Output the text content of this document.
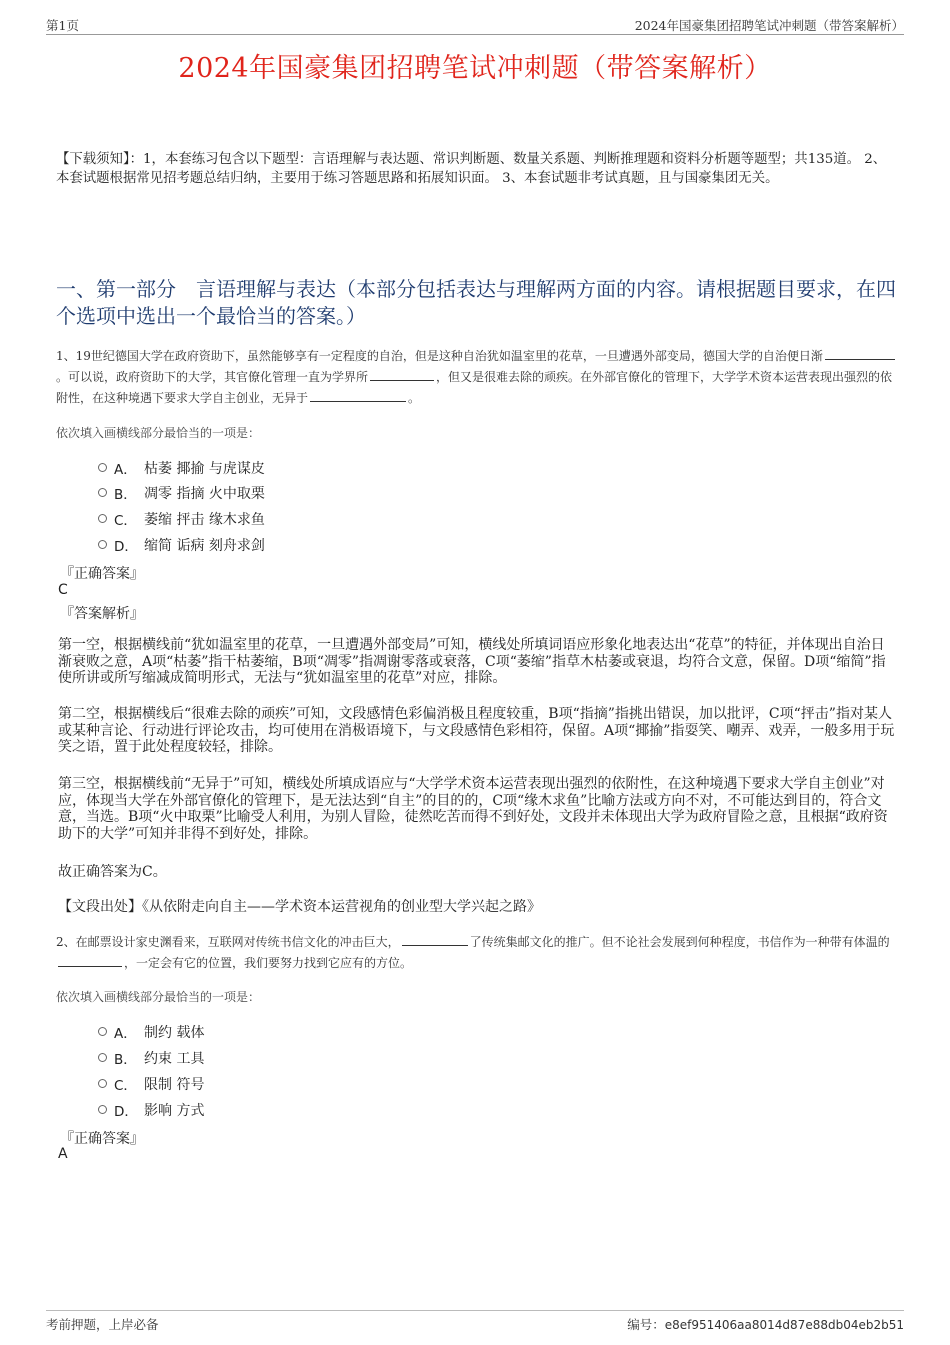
第1页	2024年国豪集团招聘笔试冲刺题（带答案解析）
2024年国豪集团招聘笔试冲刺题（带答案解析）
【下载须知】：1，本套练习包含以下题型：言语理解与表达题、常识判断题、数量关系题、判断推理题和资料分析题等题型；共135道。 2、本套试题根据常见招考题总结归纳，主要用于练习答题思路和拓展知识面。 3、本套试题非考试真题，且与国豪集团无关。
一、第一部分　言语理解与表达（本部分包括表达与理解两方面的内容。请根据题目要求，在四个选项中选出一个最恰当的答案。）
1、19世纪德国大学在政府资助下，虽然能够享有一定程度的自治，但是这种自治犹如温室里的花草，一旦遭遇外部变局，德国大学的自治便日渐。可以说，政府资助下的大学，其官僚化管理一直为学界所	，但又是很难去除的顽疾。在外部官僚化的管理下，大学学术资本运营表现出强烈的依附性，在这种境遇下要求大学自主创业，无异于	。
依次填入画横线部分最恰当的一项是：
A． 枯萎 揶揄 与虎谋皮
B． 凋零 指摘 火中取栗
C． 萎缩 抨击 缘木求鱼
D． 缩简 诟病 刻舟求剑
『正确答案』
C
『答案解析』
第一空，根据横线前“犹如温室里的花草，一旦遭遇外部变局”可知，横线处所填词语应形象化地表达出“花草”的特征，并体现出自治日渐衰败之意，A项“枯萎”指干枯萎缩，B项“凋零”指凋谢零落或衰落，C项“萎缩”指草木枯萎或衰退，均符合文意，保留。D项“缩简”指使所讲或所写缩减成简明形式，无法与“犹如温室里的花草”对应，排除。
第二空，根据横线后“很难去除的顽疾”可知，文段感情色彩偏消极且程度较重，B项“指摘”指挑出错误，加以批评，C项“抨击”指对某人或某种言论、行动进行评论攻击，均可使用在消极语境下，与文段感情色彩相符，保留。A项“揶揄”指耍笑、嘲弄、戏弄，一般多用于玩笑之语，置于此处程度较轻，排除。
第三空，根据横线前“无异于”可知，横线处所填成语应与“大学学术资本运营表现出强烈的依附性，在这种境遇下要求大学自主创业”对应，体现当大学在外部官僚化的管理下，是无法达到“自主”的目的的，C项“缘木求鱼”比喻方法或方向不对，不可能达到目的，符合文意，当选。B项“火中取栗”比喻受人利用，为别人冒险，徒然吃苦而得不到好处，文段并未体现出大学为政府冒险之意，且根据“政府资助下的大学”可知并非得不到好处，排除。
故正确答案为C。
【文段出处】《从依附走向自主——学术资本运营视角的创业型大学兴起之路》
2、在邮票设计家史渊看来，互联网对传统书信文化的冲击巨大，	了传统集邮文化的推广。但不论社会发展到何种程度，书信作为一种带有体温的，一定会有它的位置，我们要努力找到它应有的方位。
依次填入画横线部分最恰当的一项是：
A． 制约 载体
B． 约束 工具
C． 限制 符号
D． 影响 方式
『正确答案』
A
考前押题，上岸必备	编号：e8ef951406aa8014d87e88db04eb2b51
